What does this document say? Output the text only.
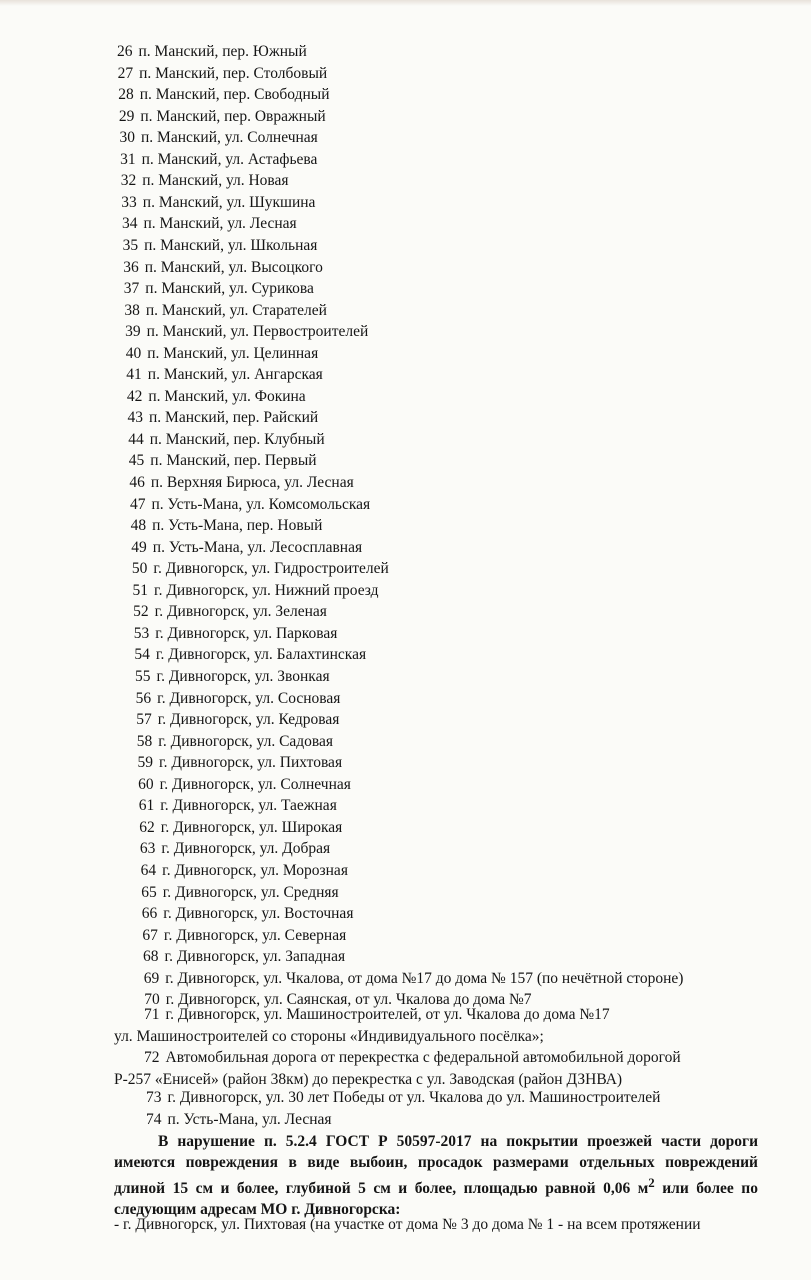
26 п. Манский, пер. Южный
27 п. Манский, пер. Столбовый
28 п. Манский, пер. Свободный
29 п. Манский, пер. Овражный
30 п. Манский, ул. Солнечная
31 п. Манский, ул. Астафьева
32 п. Манский, ул. Новая
33 п. Манский, ул. Шукшина
34 п. Манский, ул. Лесная
35 п. Манский, ул. Школьная
36 п. Манский, ул. Высоцкого
37 п. Манский, ул. Сурикова
38 п. Манский, ул. Старателей
39 п. Манский, ул. Первостроителей
40 п. Манский, ул. Целинная
41 п. Манский, ул. Ангарская
42 п. Манский, ул. Фокина
43 п. Манский, пер. Райский
44 п. Манский, пер. Клубный
45 п. Манский, пер. Первый
46 п. Верхняя Бирюса, ул. Лесная
47 п. Усть-Мана, ул. Комсомольская
48 п. Усть-Мана, пер. Новый
49 п. Усть-Мана, ул. Лесосплавная
50 г. Дивногорск, ул. Гидростроителей
51 г. Дивногорск, ул. Нижний проезд
52 г. Дивногорск, ул. Зеленая
53 г. Дивногорск, ул. Парковая
54 г. Дивногорск, ул. Балахтинская
55 г. Дивногорск, ул. Звонкая
56 г. Дивногорск, ул. Сосновая
57 г. Дивногорск, ул. Кедровая
58 г. Дивногорск, ул. Садовая
59 г. Дивногорск, ул. Пихтовая
60 г. Дивногорск, ул. Солнечная
61 г. Дивногорск, ул. Таежная
62 г. Дивногорск, ул. Широкая
63 г. Дивногорск, ул. Добрая
64 г. Дивногорск, ул. Морозная
65 г. Дивногорск, ул. Средняя
66 г. Дивногорск, ул. Восточная
67 г. Дивногорск, ул. Северная
68 г. Дивногорск, ул. Западная
69 г. Дивногорск, ул. Чкалова, от дома №17 до дома № 157 (по нечётной стороне)
70 г. Дивногорск, ул. Саянская, от ул. Чкалова до дома №7
71 г. Дивногорск, ул. Машиностроителей, от ул. Чкалова до дома №17
ул. Машиностроителей со стороны «Индивидуального посёлка»;
72 Автомобильная дорога от перекрестка с федеральной автомобильной дорогой
Р-257 «Енисей» (район 38км) до перекрестка с ул. Заводская (район ДЗНВА)
73 г. Дивногорск, ул. 30 лет Победы от ул. Чкалова до ул. Машиностроителей
74 п. Усть-Мана, ул. Лесная
В нарушение п. 5.2.4 ГОСТ Р 50597-2017 на покрытии проезжей части дороги имеются повреждения в виде выбоин, просадок размерами отдельных повреждений длиной 15 см и более, глубиной 5 см и более, площадью равной 0,06 $м^2$ или более по следующим адресам МО г. Дивногорска:
- г. Дивногорск, ул. Пихтовая (на участке от дома № 3 до дома № 1 - на всем протяжении
